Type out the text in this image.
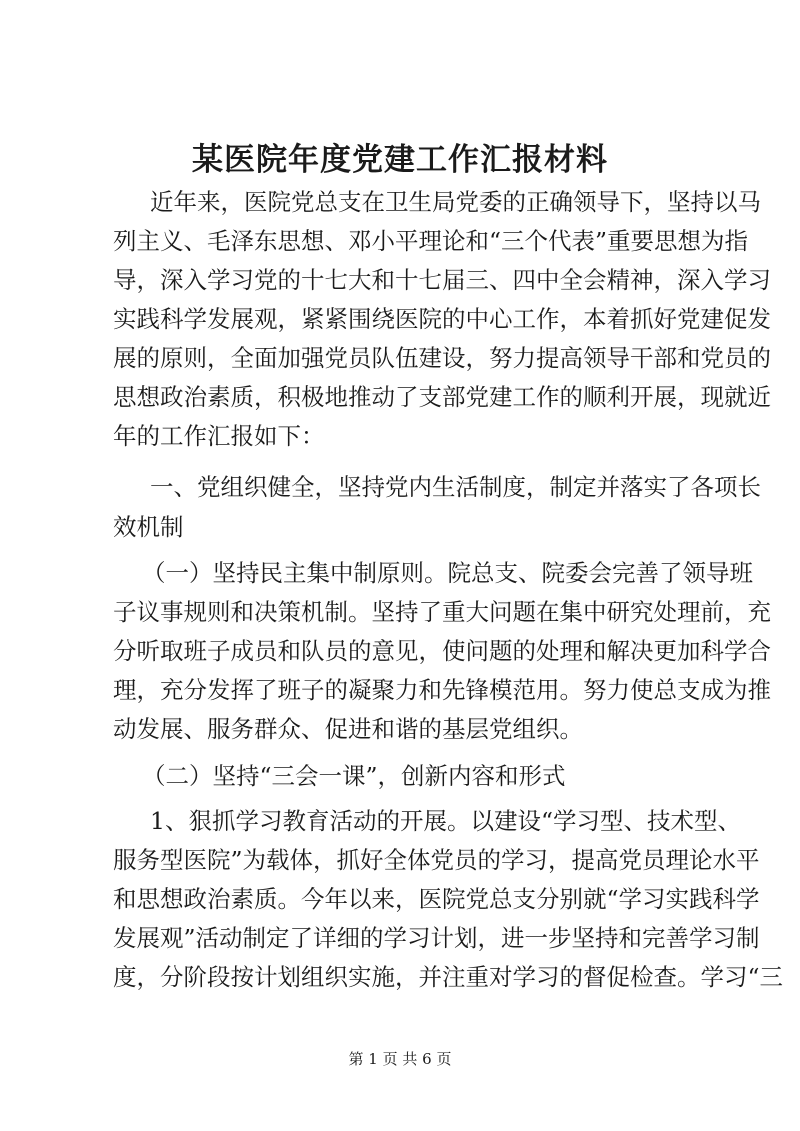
某医院年度党建工作汇报材料
近年来，医院党总支在卫生局党委的正确领导下，坚持以马
列主义、毛泽东思想、邓小平理论和“三个代表”重要思想为指
导，深入学习党的十七大和十七届三、四中全会精神，深入学习
实践科学发展观，紧紧围绕医院的中心工作，本着抓好党建促发
展的原则，全面加强党员队伍建设，努力提高领导干部和党员的
思想政治素质，积极地推动了支部党建工作的顺利开展，现就近
年的工作汇报如下：
一、党组织健全，坚持党内生活制度，制定并落实了各项长
效机制
（一）坚持民主集中制原则。院总支、院委会完善了领导班
子议事规则和决策机制。坚持了重大问题在集中研究处理前，充
分听取班子成员和队员的意见，使问题的处理和解决更加科学合
理，充分发挥了班子的凝聚力和先锋模范用。努力使总支成为推
动发展、服务群众、促进和谐的基层党组织。
（二）坚持“三会一课”，创新内容和形式
1、狠抓学习教育活动的开展。以建设“学习型、技术型、
服务型医院”为载体，抓好全体党员的学习，提高党员理论水平
和思想政治素质。今年以来，医院党总支分别就“学习实践科学
发展观”活动制定了详细的学习计划，进一步坚持和完善学习制
度，分阶段按计划组织实施，并注重对学习的督促检查。学习“三
第 1 页 共 6 页
